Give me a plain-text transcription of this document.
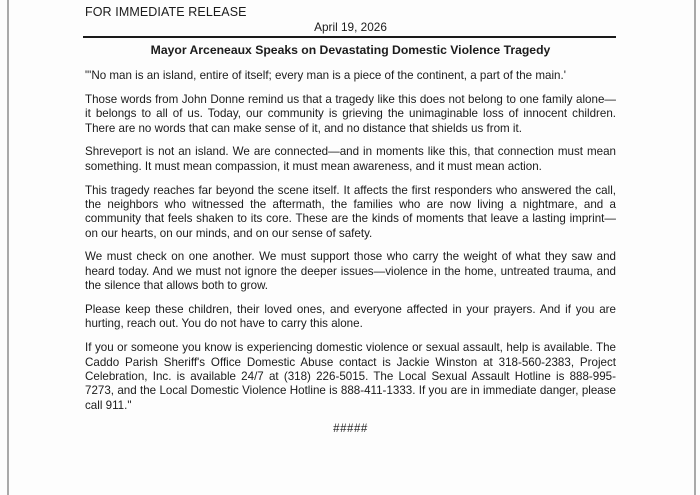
FOR IMMEDIATE RELEASE
April 19, 2026
Mayor Arceneaux Speaks on Devastating Domestic Violence Tragedy

"'No man is an island, entire of itself; every man is a piece of the continent, a part of the main.'

Those words from John Donne remind us that a tragedy like this does not belong to one family alone—it belongs to all of us. Today, our community is grieving the unimaginable loss of innocent children. There are no words that can make sense of it, and no distance that shields us from it.

Shreveport is not an island. We are connected—and in moments like this, that connection must mean something. It must mean compassion, it must mean awareness, and it must mean action.

This tragedy reaches far beyond the scene itself. It affects the first responders who answered the call, the neighbors who witnessed the aftermath, the families who are now living a nightmare, and a community that feels shaken to its core. These are the kinds of moments that leave a lasting imprint—on our hearts, on our minds, and on our sense of safety.

We must check on one another. We must support those who carry the weight of what they saw and heard today. And we must not ignore the deeper issues—violence in the home, untreated trauma, and the silence that allows both to grow.

Please keep these children, their loved ones, and everyone affected in your prayers. And if you are hurting, reach out. You do not have to carry this alone.

If you or someone you know is experiencing domestic violence or sexual assault, help is available. The Caddo Parish Sheriff's Office Domestic Abuse contact is Jackie Winston at 318-560-2383, Project Celebration, Inc. is available 24/7 at (318) 226-5015. The Local Sexual Assault Hotline is 888-995-7273, and the Local Domestic Violence Hotline is 888-411-1333. If you are in immediate danger, please call 911."

#####
